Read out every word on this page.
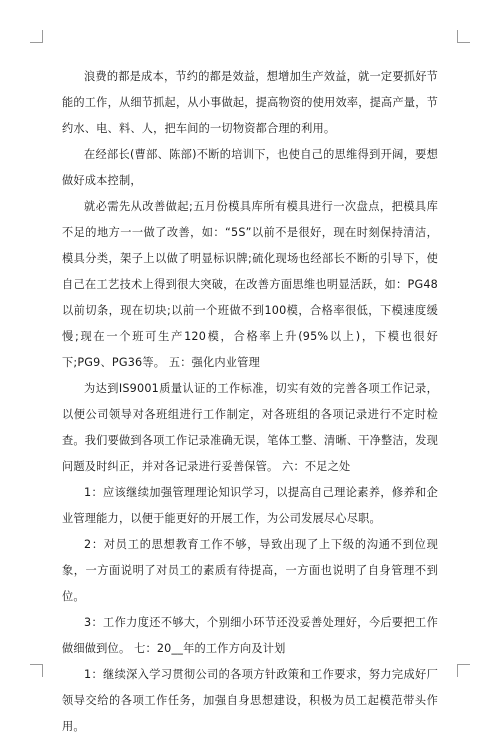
浪费的都是成本，节约的都是效益，想增加生产效益，就一定要抓好节能的工作，从细节抓起，从小事做起，提高物资的使用效率，提高产量，节约水、电、料、人，把车间的一切物资都合理的利用。

在经部长(曹部、陈部)不断的培训下，也使自己的思维得到开阔，要想做好成本控制，

就必需先从改善做起;五月份模具库所有模具进行一次盘点，把模具库不足的地方一一做了改善，如：“5S”以前不是很好，现在时刻保持清洁，模具分类，架子上以做了明显标识牌;硫化现场也经部长不断的引导下，使自己在工艺技术上得到很大突破，在改善方面思维也明显活跃，如：PG48以前切条，现在切块;以前一个班做不到100模，合格率很低，下模速度缓慢;现在一个班可生产120模，合格率上升(95%以上)，下模也很好下;PG9、PG36等。 五：强化内业管理

为达到IS9001质量认证的工作标准，切实有效的完善各项工作记录，以便公司领导对各班组进行工作制定，对各班组的各项记录进行不定时检查。我们要做到各项工作记录准确无误，笔体工整、清晰、干净整洁，发现问题及时纠正，并对各记录进行妥善保管。 六：不足之处

1：应该继续加强管理理论知识学习，以提高自己理论素养，修养和企业管理能力，以便于能更好的开展工作，为公司发展尽心尽职。

2：对员工的思想教育工作不够，导致出现了上下级的沟通不到位现象，一方面说明了对员工的素质有待提高，一方面也说明了自身管理不到位。

3：工作力度还不够大，个别细小环节还没妥善处理好，今后要把工作做细做到位。 七：20__年的工作方向及计划

1：继续深入学习贯彻公司的各项方针政策和工作要求，努力完成好厂领导交给的各项工作任务，加强自身思想建设，积极为员工起模范带头作用。
